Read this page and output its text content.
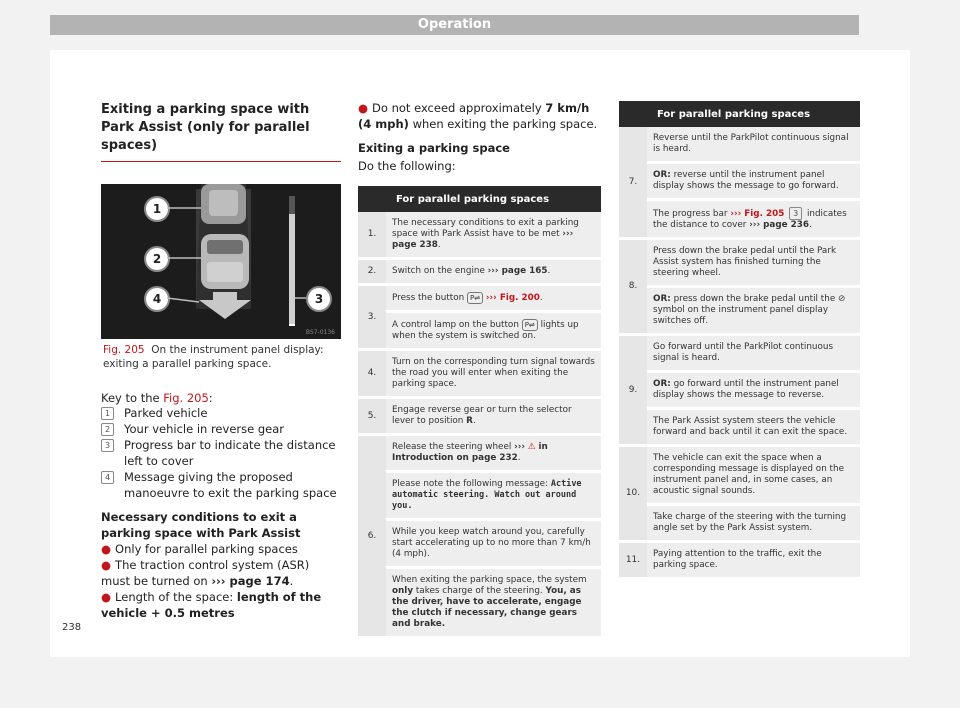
Operation
Exiting a parking space with Park Assist (only for parallel spaces)
1
2
4	3
BS7-0136
Fig. 205 On the instrument panel display: exiting a parallel parking space.
Key to the Fig. 205:
1	Parked vehicle
2	Your vehicle in reverse gear
3	Progress bar to indicate the distance left to cover
4	Message giving the proposed manoeuvre to exit the parking space
Necessary conditions to exit a parking space with Park Assist
● Only for parallel parking spaces
● The traction control system (ASR) must be turned on ››› page 174.
● Length of the space: length of the vehicle + 0.5 metres
● Do not exceed approximately 7 km/h (4 mph) when exiting the parking space.
Exiting a parking space
Do the following:
	For parallel parking spaces
1.	The necessary conditions to exit a parking space with Park Assist have to be met ››› page 238.
2.	Switch on the engine ››› page 165.
3.	Press the button P⇌ ››› Fig. 200.
	A control lamp on the button P⇌ lights up when the system is switched on.
4.	Turn on the corresponding turn signal towards the road you will enter when exiting the parking space.
5.	Engage reverse gear or turn the selector lever to position R.
6.	Release the steering wheel ››› ⚠ in Introduction on page 232.
	Please note the following message: Active automatic steering. Watch out around you.
	While you keep watch around you, carefully start accelerating up to no more than 7 km/h (4 mph).
	When exiting the parking space, the system only takes charge of the steering. You, as the driver, have to accelerate, engage the clutch if necessary, change gears and brake.
	For parallel parking spaces
7.	Reverse until the ParkPilot continuous signal is heard.
	OR: reverse until the instrument panel display shows the message to go forward.
	The progress bar ››› Fig. 205 3 indicates the distance to cover ››› page 236.
8.	Press down the brake pedal until the Park Assist system has finished turning the steering wheel.
	OR: press down the brake pedal until the ⊘ symbol on the instrument panel display switches off.
9.	Go forward until the ParkPilot continuous signal is heard.
	OR: go forward until the instrument panel display shows the message to reverse.
	The Park Assist system steers the vehicle forward and back until it can exit the space.
10.	The vehicle can exit the space when a corresponding message is displayed on the instrument panel and, in some cases, an acoustic signal sounds.
	Take charge of the steering with the turning angle set by the Park Assist system.
11.	Paying attention to the traffic, exit the parking space.
238
